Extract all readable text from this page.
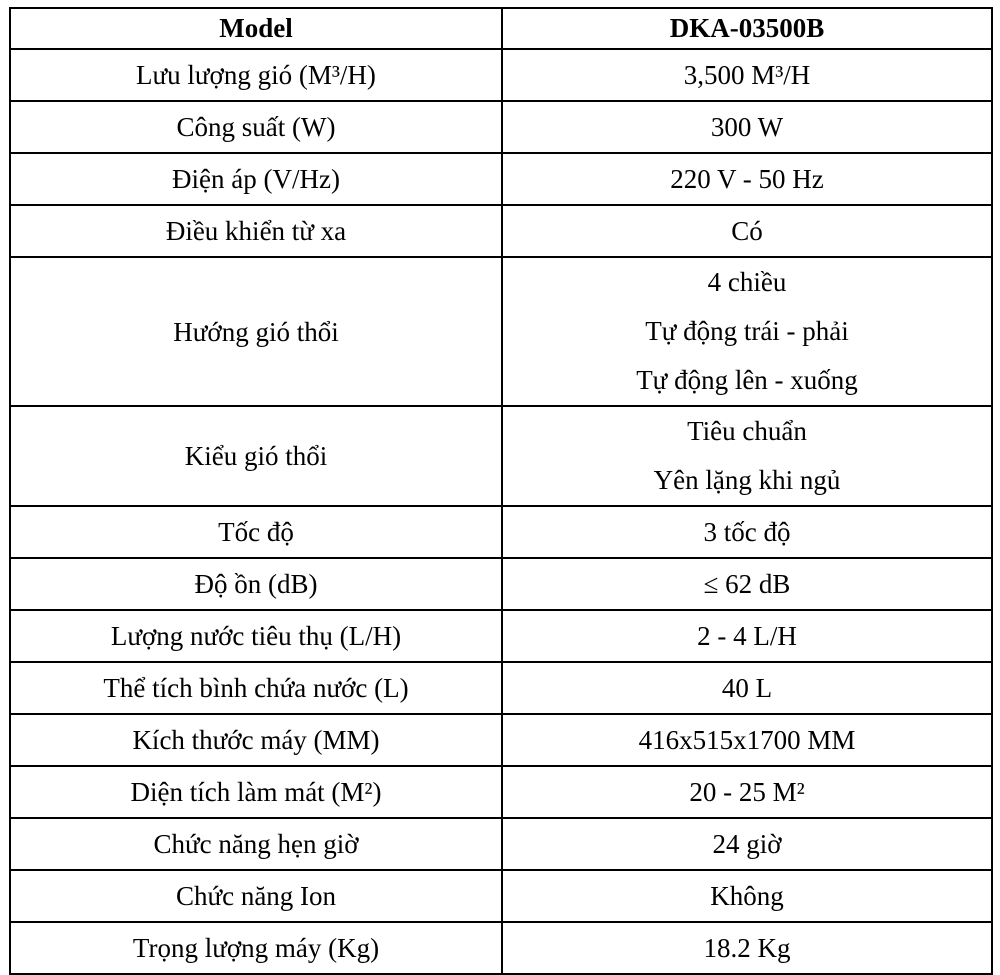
Model	DKA-03500B
Lưu lượng gió (M³/H)	3,500 M³/H

Công suất (W)	300 W

Điện áp (V/Hz)	220 V - 50 Hz

Điều khiển từ xa	Có

Hướng gió thổi	4 chiều
Tự động trái - phải
Tự động lên - xuống

Kiểu gió thổi	Tiêu chuẩn
Yên lặng khi ngủ

Tốc độ	3 tốc độ

Độ ồn (dB)	≤ 62 dB

Lượng nước tiêu thụ (L/H)	2 - 4 L/H

Thể tích bình chứa nước (L)	40 L

Kích thước máy (MM)	416x515x1700 MM

Diện tích làm mát (M²)	20 - 25 M²

Chức năng hẹn giờ	24 giờ

Chức năng Ion	Không

Trọng lượng máy (Kg)	18.2 Kg
